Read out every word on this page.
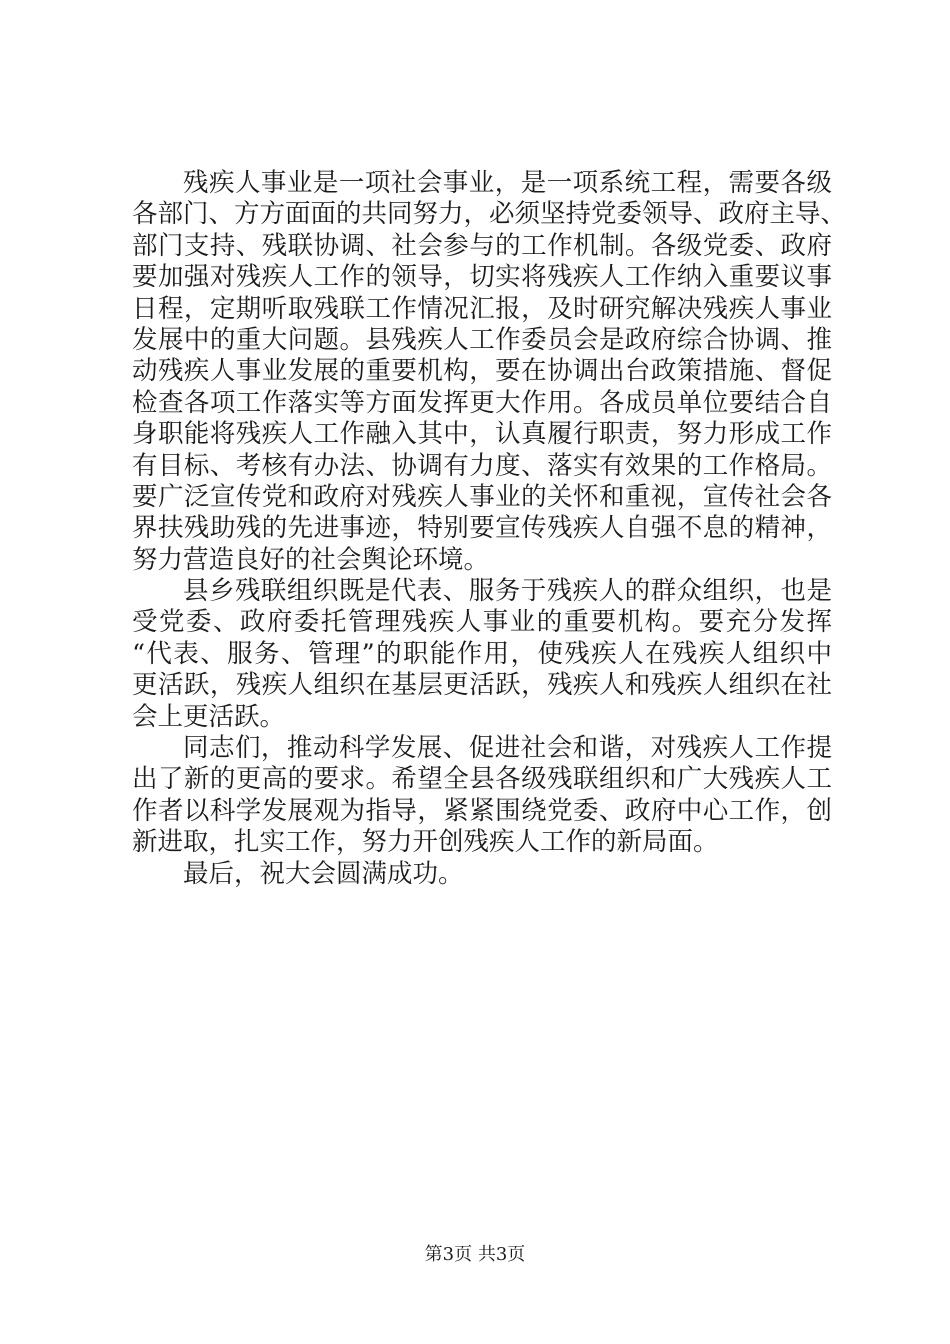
残疾人事业是一项社会事业，是一项系统工程，需要各级
各部门、方方面面的共同努力，必须坚持党委领导、政府主导、
部门支持、残联协调、社会参与的工作机制。各级党委、政府
要加强对残疾人工作的领导，切实将残疾人工作纳入重要议事
日程，定期听取残联工作情况汇报，及时研究解决残疾人事业
发展中的重大问题。县残疾人工作委员会是政府综合协调、推
动残疾人事业发展的重要机构，要在协调出台政策措施、督促
检查各项工作落实等方面发挥更大作用。各成员单位要结合自
身职能将残疾人工作融入其中，认真履行职责，努力形成工作
有目标、考核有办法、协调有力度、落实有效果的工作格局。
要广泛宣传党和政府对残疾人事业的关怀和重视，宣传社会各
界扶残助残的先进事迹，特别要宣传残疾人自强不息的精神，
努力营造良好的社会舆论环境。
县乡残联组织既是代表、服务于残疾人的群众组织，也是
受党委、政府委托管理残疾人事业的重要机构。要充分发挥
“代表、服务、管理”的职能作用，使残疾人在残疾人组织中
更活跃，残疾人组织在基层更活跃，残疾人和残疾人组织在社
会上更活跃。
同志们，推动科学发展、促进社会和谐，对残疾人工作提
出了新的更高的要求。希望全县各级残联组织和广大残疾人工
作者以科学发展观为指导，紧紧围绕党委、政府中心工作，创
新进取，扎实工作，努力开创残疾人工作的新局面。
最后，祝大会圆满成功。
第3页 共3页
